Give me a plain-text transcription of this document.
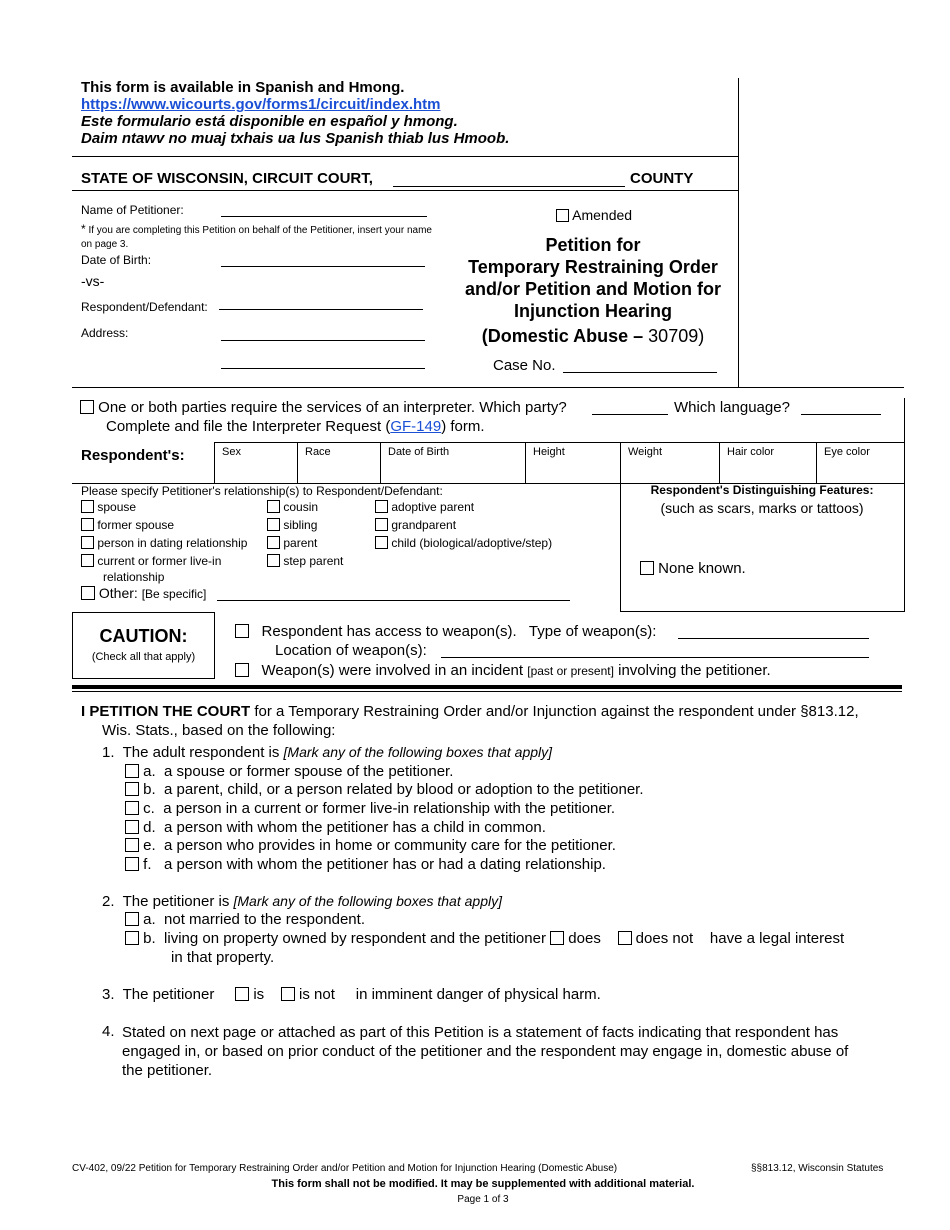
This form is available in Spanish and Hmong.
https://www.wicourts.gov/forms1/circuit/index.htm
Este formulario está disponible en español y hmong.
Daim ntawv no muaj txhais ua lus Spanish thiab lus Hmoob.
STATE OF WISCONSIN, CIRCUIT COURT,	COUNTY
Name of Petitioner:
* If you are completing this Petition on behalf of the Petitioner, insert your name on page 3.
Date of Birth:
-vs-
Respondent/Defendant:
Address:
Amended
Petition for
Temporary Restraining Order
and/or Petition and Motion for
Injunction Hearing
(Domestic Abuse – 30709)
Case No.
One or both parties require the services of an interpreter. Which party?	Which language?
Complete and file the Interpreter Request (GF-149) form.
Respondent's:	Sex	Race	Date of Birth	Height	Weight	Hair color	Eye color
Please specify Petitioner's relationship(s) to Respondent/Defendant:
spouse
former spouse
person in dating relationship
current or former live-in
relationship
cousin
sibling
parent
step parent
adoptive parent
grandparent
child (biological/adoptive/step)
Other: [Be specific]
Respondent's Distinguishing Features:
(such as scars, marks or tattoos)
None known.
CAUTION:
(Check all that apply)
Respondent has access to weapon(s). Type of weapon(s):
Location of weapon(s):
Weapon(s) were involved in an incident [past or present] involving the petitioner.
I PETITION THE COURT for a Temporary Restraining Order and/or Injunction against the respondent under §813.12,
Wis. Stats., based on the following:
1. The adult respondent is [Mark any of the following boxes that apply]
a. a spouse or former spouse of the petitioner.
b. a parent, child, or a person related by blood or adoption to the petitioner.
c. a person in a current or former live-in relationship with the petitioner.
d. a person with whom the petitioner has a child in common.
e. a person who provides in home or community care for the petitioner.
f. a person with whom the petitioner has or had a dating relationship.
2. The petitioner is [Mark any of the following boxes that apply]
a. not married to the respondent.
b. living on property owned by respondent and the petitioner does does not have a legal interest
in that property.
3. The petitioner	is is not in imminent danger of physical harm.
4. Stated on next page or attached as part of this Petition is a statement of facts indicating that respondent has
engaged in, or based on prior conduct of the petitioner and the respondent may engage in, domestic abuse of
the petitioner.
CV-402, 09/22 Petition for Temporary Restraining Order and/or Petition and Motion for Injunction Hearing (Domestic Abuse)	§§813.12, Wisconsin Statutes
This form shall not be modified. It may be supplemented with additional material.
Page 1 of 3
